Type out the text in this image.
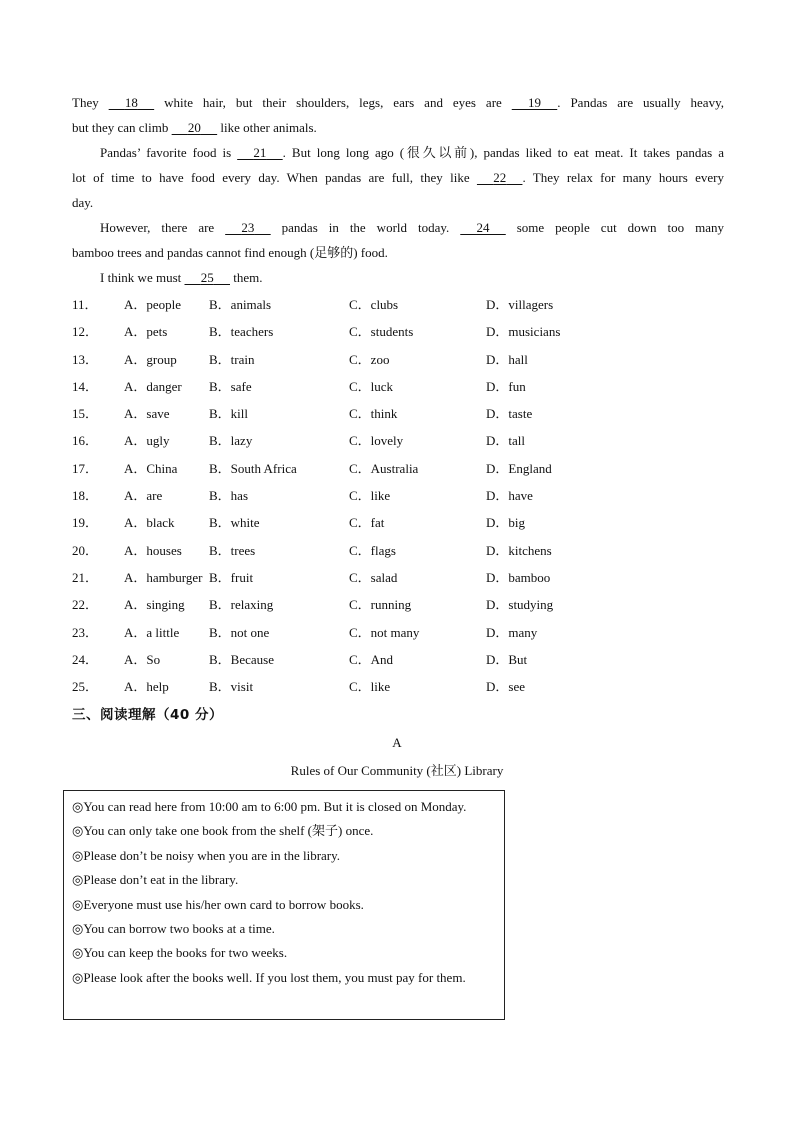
They      18      white hair, but their shoulders, legs, ears and eyes are      19 . Pandas are usually heavy,
but they can climb      20      like other animals.
Pandas’ favorite food is      21 . But long long ago (很久以前), pandas liked to eat meat. It takes pandas a
lot of time to have food every day. When pandas are full, they like      22 . They relax for many hours every
day.
However, there are      23      pandas in the world today.      24      some people cut down too many
bamboo trees and pandas cannot find enough (足够的) food.
I think we must      25      them.
11． A．people B．animals	C．clubs	D．villagers
12． A．pets	B．teachers	C．students	D．musicians
13． A．group B．train	C．zoo	D．hall
14． A．danger B．safe	C．luck	D．fun
15． A．save	B．kill	C．think	D．taste
16． A．ugly	B．lazy	C．lovely	D．tall
17． A．China B．South Africa	C．Australia	D．England
18． A．are	B．has	C．like	D．have
19． A．black	B．white	C．fat	D．big
20． A．houses B．trees	C．flags	D．kitchens
21． A．hamburger B．fruit	C．salad	D．bamboo
22． A．singing B．relaxing	C．running	D．studying
23． A．a little B．not one	C．not many	D．many
24． A．So	B．Because	C．And	D．But
25． A．help	B．visit	C．like	D．see
三、阅读理解（40 分）
A
Rules of Our Community (社区) Library
◎You can read here from 10:00 am to 6:00 pm. But it is closed on Monday.
◎You can only take one book from the shelf (架子) once.
◎Please don’t be noisy when you are in the library.
◎Please don’t eat in the library.
◎Everyone must use his/her own card to borrow books.
◎You can borrow two books at a time.
◎You can keep the books for two weeks.
◎Please look after the books well. If you lost them, you must pay for them.
